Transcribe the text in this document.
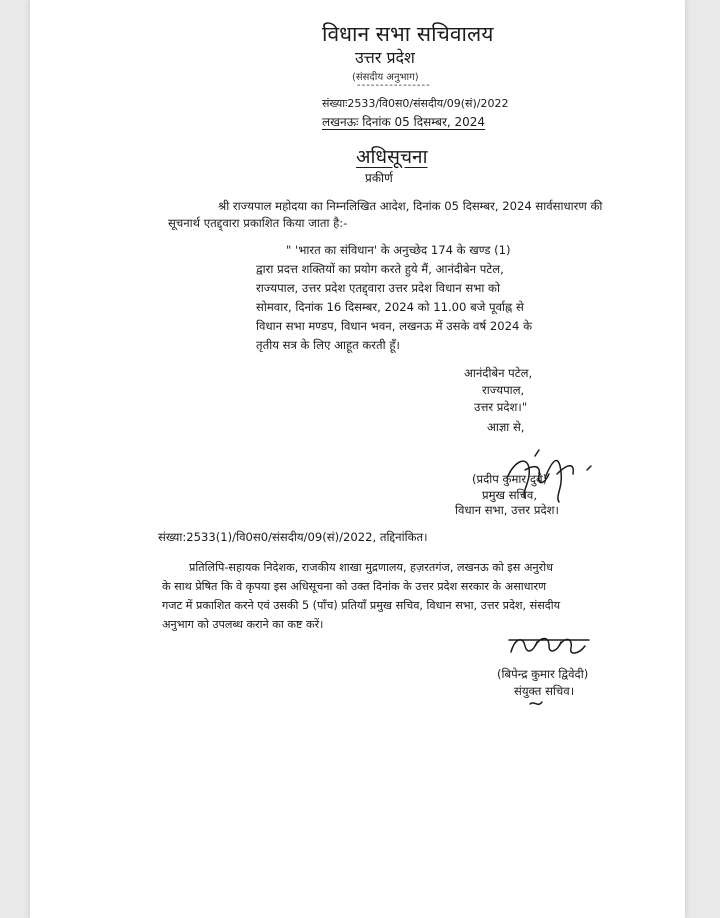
विधान सभा सचिवालय
उत्तर प्रदेश
(संसदीय अनुभाग)
----------------
संख्याः2533/वि0स0/संसदीय/09(सं)/2022
लखनऊः दिनांक 05 दिसम्बर, 2024
अधिसूचना
प्रकीर्ण
श्री राज्यपाल महोदया का निम्नलिखित आदेश, दिनांक 05 दिसम्बर, 2024 सार्वसाधारण की
सूचनार्थ एतद्द्वारा प्रकाशित किया जाता है:-
" 'भारत का संविधान' के अनुच्छेद 174 के खण्ड (1)
द्वारा प्रदत्त शक्तियों का प्रयोग करते हुये मैं, आनंदीबेन पटेल,
राज्यपाल, उत्तर प्रदेश एतद्द्वारा उत्तर प्रदेश विधान सभा को
सोमवार, दिनांक 16 दिसम्बर, 2024 को 11.00 बजे पूर्वाह्न से
विधान सभा मण्डप, विधान भवन, लखनऊ में उसके वर्ष 2024 के
तृतीय सत्र के लिए आहूत करती हूँ।
आनंदीबेन पटेल,
राज्यपाल,
उत्तर प्रदेश।"
आज्ञा से,
(प्रदीप कुमार दुबे)
प्रमुख सचिव,
विधान सभा, उत्तर प्रदेश।
संख्या:2533(1)/वि0स0/संसदीय/09(सं)/2022, तद्दिनांकित।
प्रतिलिपि-सहायक निदेशक, राजकीय शाखा मुद्रणालय, हज़रतगंज, लखनऊ को इस अनुरोध
के साथ प्रेषित कि वे कृपया इस अधिसूचना को उक्त दिनांक के उत्तर प्रदेश सरकार के असाधारण
गजट में प्रकाशित करने एवं उसकी 5 (पाँच) प्रतियाँ प्रमुख सचिव, विधान सभा, उत्तर प्रदेश, संसदीय
अनुभाग को उपलब्ध कराने का कष्ट करें।
(बिपेन्द्र कुमार द्विवेदी)
संयुक्त सचिव।
